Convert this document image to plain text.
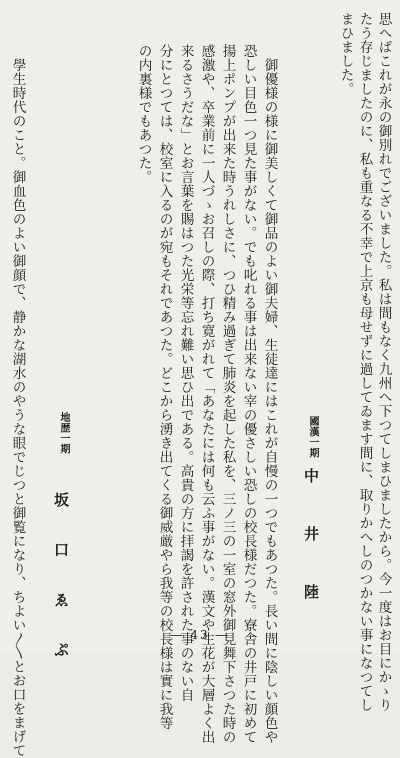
思へばこれが永の御別れでございました。私は間もなく九州へ下つてしまひましたから。今一度はお目にかゝり
たう存じましたのに、私も重なる不幸で上京も母せずに過してゐます間に、取りかへしのつかない事になつてし
まひました。
中　井　陸
國漢一期
御優様の様に御美しくて御品のよい御夫婦、生徒達にはこれが自慢の一つでもあつた。長い間に陰しい顔色や
恐しい目色一つ見た事がない。でも叱れる事は出来ない宰の優さしい恐しの校長様だつた。寮舎の井戸に初めて
揚上ポンプが出来た時うれしさに、つひ精み過ぎて肺炎を起した私を、三ノ三の一室の窓外御見舞下さつた時の
感激や、卒業前に一人づゝお召しの際、打ち寛がれて「あなたには何も云ふ事がない。漢文や生花が大層よく出
来るさうだな」とお言葉を賜はつた光栄等忘れ難い思ひ出である。高貴の方に拝謁を許された事のない自
分にとつては、校室に入るのが宛もそれであつた。どこから湧き出てくる御威厳やら我等の校長様は實に我等
の内裏様でもあつた。
坂　口　ゑ　ぷ
地歴一期
學生時代のこと。御血色のよい御顔で、静かな湖水のやうな眼でじつと御覧になり、ちよい〳〵とお口をまげて	― 43 ―
